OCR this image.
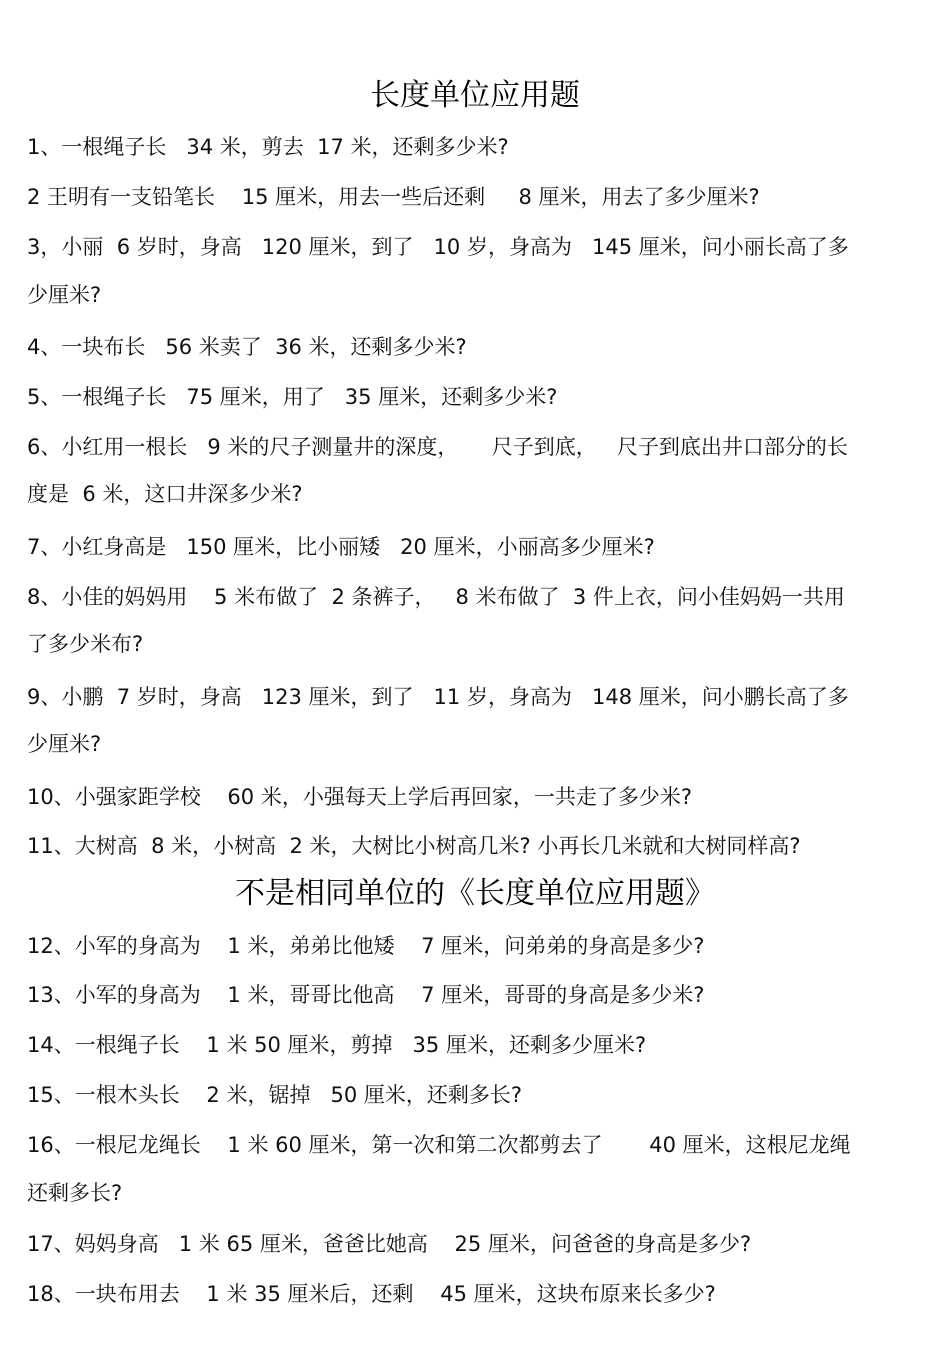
长度单位应用题
1、一根绳子长   34 米，剪去  17 米，还剩多少米?
2 王明有一支铅笔长    15 厘米，用去一些后还剩     8 厘米，用去了多少厘米?
3，小丽  6 岁时，身高   120 厘米，到了   10 岁，身高为   145 厘米，问小丽长高了多
少厘米?
4、一块布长   56 米卖了  36 米，还剩多少米?
5、一根绳子长   75 厘米，用了   35 厘米，还剩多少米?
6、小红用一根长   9 米的尺子测量井的深度，     尺子到底，   尺子到底出井口部分的长
度是  6 米，这口井深多少米?
7、小红身高是   150 厘米，比小丽矮   20 厘米，小丽高多少厘米?
8、小佳的妈妈用    5 米布做了  2 条裤子，   8 米布做了  3 件上衣，问小佳妈妈一共用
了多少米布?
9、小鹏  7 岁时，身高   123 厘米，到了   11 岁，身高为   148 厘米，问小鹏长高了多
少厘米?
10、小强家距学校    60 米，小强每天上学后再回家，一共走了多少米?
11、大树高  8 米，小树高  2 米，大树比小树高几米? 小再长几米就和大树同样高?
不是相同单位的《长度单位应用题》
12、小军的身高为    1 米，弟弟比他矮    7 厘米，问弟弟的身高是多少?
13、小军的身高为    1 米，哥哥比他高    7 厘米，哥哥的身高是多少米?
14、一根绳子长    1 米 50 厘米，剪掉   35 厘米，还剩多少厘米?
15、一根木头长    2 米，锯掉   50 厘米，还剩多长?
16、一根尼龙绳长    1 米 60 厘米，第一次和第二次都剪去了       40 厘米，这根尼龙绳
还剩多长?
17、妈妈身高   1 米 65 厘米，爸爸比她高    25 厘米，问爸爸的身高是多少?
18、一块布用去    1 米 35 厘米后，还剩    45 厘米，这块布原来长多少?
